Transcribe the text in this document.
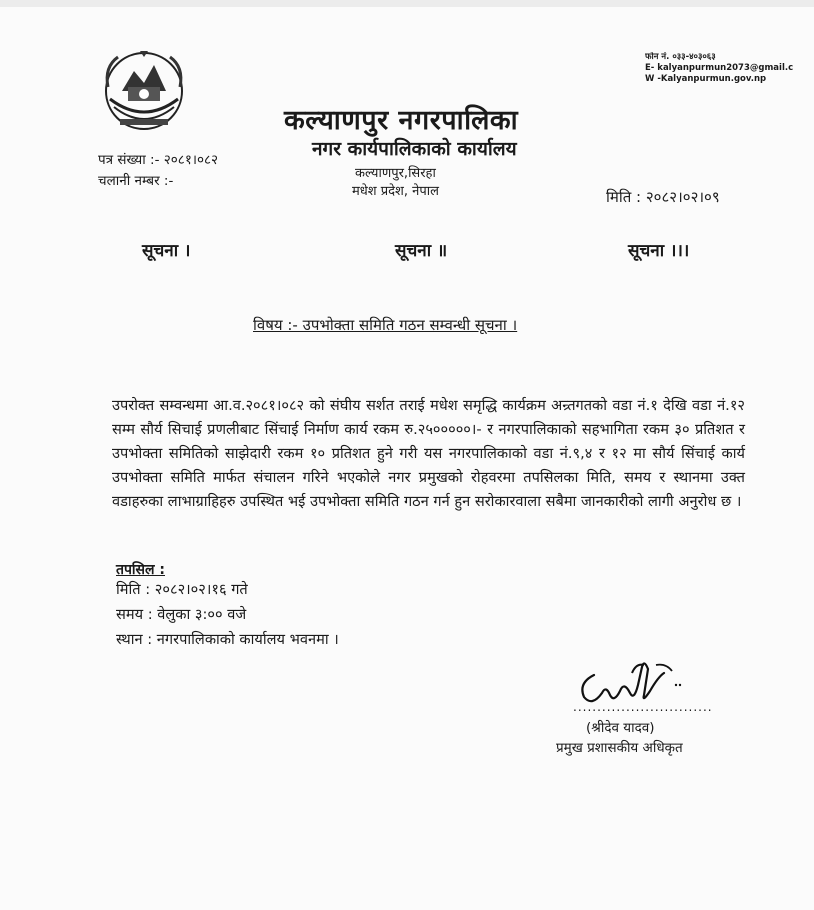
कल्याणपुर नगरपालिका
नगर कार्यपालिकाको कार्यालय
कल्याणपुर,सिरहा
मधेश प्रदेश, नेपाल
फोन नं. ०३३-४०३०६३
E- kalyanpurmun2073@gmail.c
W -Kalyanpurmun.gov.np
पत्र संख्या :- २०८१।०८२
चलानी नम्बर :-
मिति : २०८२।०२।०९
सूचना ।	सूचना ॥	सूचना ।।।
विषय :- उपभोक्ता समिति गठन सम्वन्धी सूचना ।
उपरोक्त सम्वन्धमा आ.व.२०८१।०८२ को संघीय सर्शत तराई मधेश समृद्धि कार्यक्रम अन्र्तगतको वडा नं.१ देखि वडा नं.१२ सम्म सौर्य सिचाई प्रणलीबाट सिंचाई निर्माण कार्य रकम रु.२५०००००।- र नगरपालिकाको सहभागिता रकम ३० प्रतिशत र उपभोक्ता समितिको साझेदारी रकम १० प्रतिशत हुने गरी यस नगरपालिकाको वडा नं.९,४ र १२ मा सौर्य सिंचाई कार्य उपभोक्ता समिति मार्फत संचालन गरिने भएकोले नगर प्रमुखको रोहवरमा तपसिलका मिति, समय र स्थानमा उक्त वडाहरुका लाभाग्राहिहरु उपस्थित भई उपभोक्ता समिति गठन गर्न हुन सरोकारवाला सबैमा जानकारीको लागी अनुरोध छ ।
तपसिल :
मिति : २०८२।०२।१६ गते
समय : वेलुका ३:०० वजे
स्थान : नगरपालिकाको कार्यालय भवनमा ।
.............................
(श्रीदेव यादव)
प्रमुख प्रशासकीय अधिकृत
